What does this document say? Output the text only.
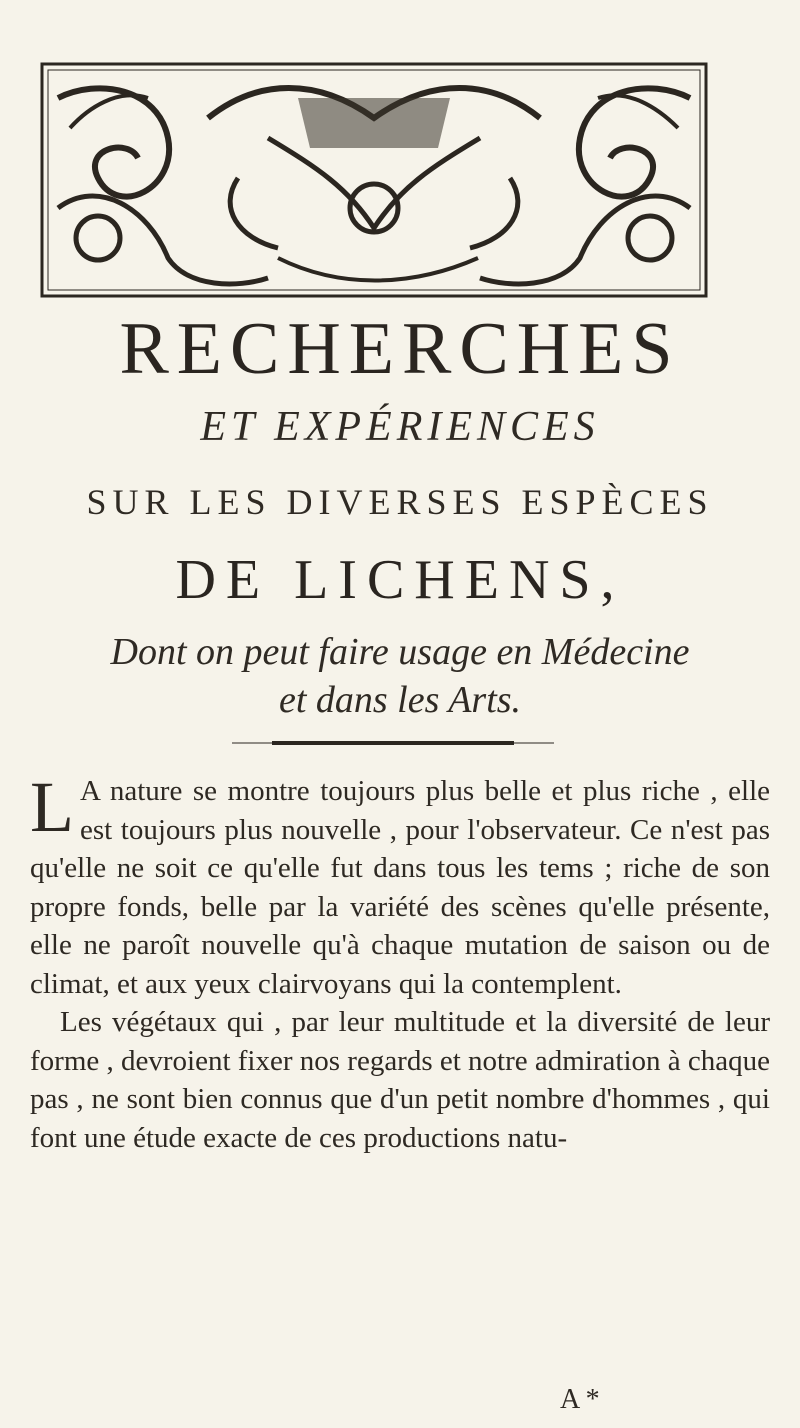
RECHERCHES
ET EXPÉRIENCES
SUR LES DIVERSES ESPÈCES
DE LICHENS,
Dont on peut faire usage en Médecine
et dans les Arts.

L A nature se montre toujours plus belle et plus riche , elle est toujours plus nouvelle , pour l'observateur. Ce n'est pas qu'elle ne soit ce qu'elle fut dans tous les tems ; riche de son propre fonds, belle par la variété des scènes qu'elle présente, elle ne paroît nouvelle qu'à chaque mutation de saison ou de climat, et aux yeux clairvoyans qui la contemplent.

Les végétaux qui , par leur multitude et la diversité de leur forme , devroient fixer nos regards et notre admiration à chaque pas , ne sont bien connus que d'un petit nombre d'hommes , qui font une étude exacte de ces productions natu-

A *
